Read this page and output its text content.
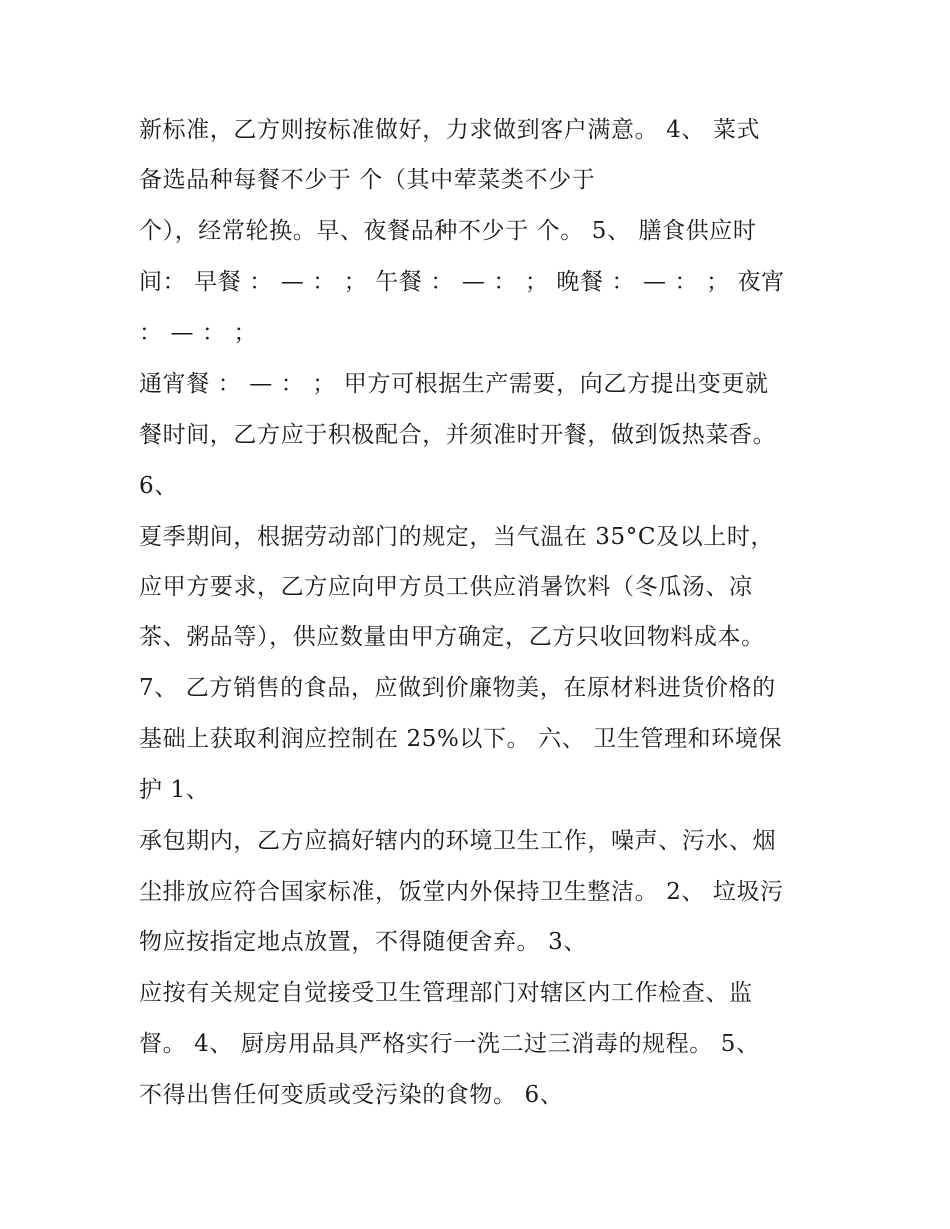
新标准，乙方则按标准做好，力求做到客户满意。 4、 菜式
备选品种每餐不少于 个（其中荤菜类不少于
个），经常轮换。早、夜餐品种不少于 个。 5、 膳食供应时
间： 早餐 ： — ： ； 午餐 ： — ： ； 晚餐 ： — ： ； 夜宵
： — ： ；
通宵餐 ： — ： ； 甲方可根据生产需要，向乙方提出变更就
餐时间，乙方应于积极配合，并须准时开餐，做到饭热菜香。
6、
夏季期间，根据劳动部门的规定，当气温在 35°C及以上时，
应甲方要求，乙方应向甲方员工供应消暑饮料（冬瓜汤、凉
茶、粥品等），供应数量由甲方确定，乙方只收回物料成本。
7、 乙方销售的食品，应做到价廉物美，在原材料进货价格的
基础上获取利润应控制在 25%以下。 六、 卫生管理和环境保
护 1、
承包期内，乙方应搞好辖内的环境卫生工作，噪声、污水、烟
尘排放应符合国家标准，饭堂内外保持卫生整洁。 2、 垃圾污
物应按指定地点放置，不得随便舍弃。 3、
应按有关规定自觉接受卫生管理部门对辖区内工作检查、监
督。 4、 厨房用品具严格实行一洗二过三消毒的规程。 5、
不得出售任何变质或受污染的食物。 6、
